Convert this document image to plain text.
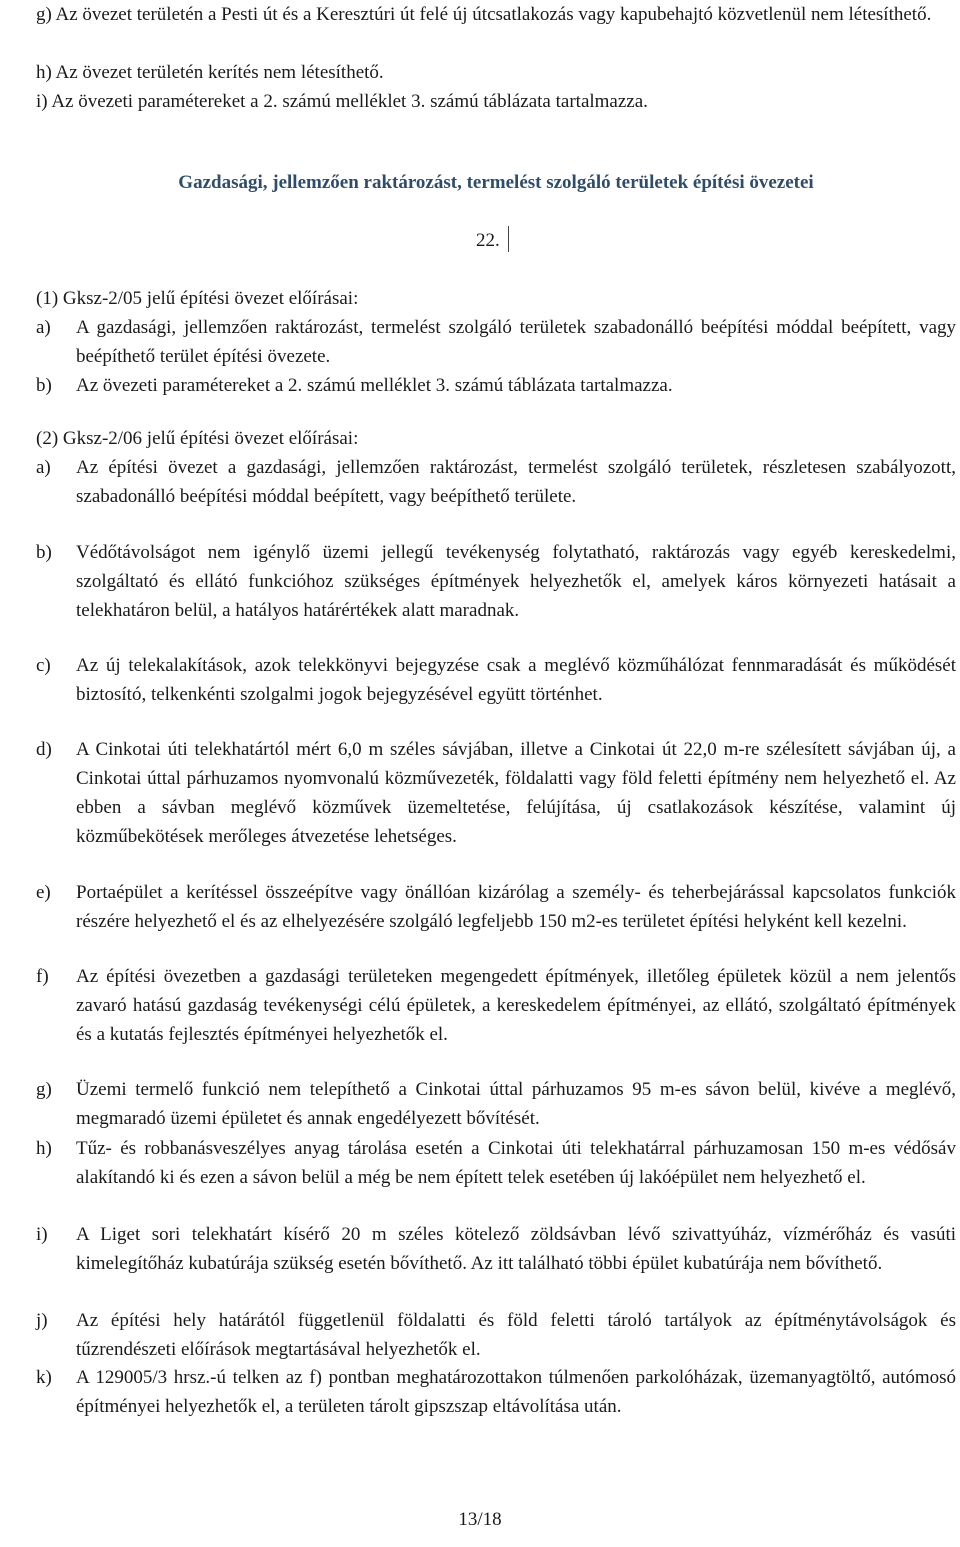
g) Az övezet területén a Pesti út és a Keresztúri út felé új útcsatlakozás vagy kapubehajtó közvetlenül nem létesíthető.
h) Az övezet területén kerítés nem létesíthető.
i) Az övezeti paramétereket a 2. számú melléklet 3. számú táblázata tartalmazza.
Gazdasági, jellemzően raktározást, termelést szolgáló területek építési övezetei
22.
(1) Gksz-2/05 jelű építési övezet előírásai:
a) A gazdasági, jellemzően raktározást, termelést szolgáló területek szabadonálló beépítési móddal beépített, vagy beépíthető terület építési övezete.
b) Az övezeti paramétereket a 2. számú melléklet 3. számú táblázata tartalmazza.
(2) Gksz-2/06 jelű építési övezet előírásai:
a) Az építési övezet a gazdasági, jellemzően raktározást, termelést szolgáló területek, részletesen szabályozott, szabadonálló beépítési móddal beépített, vagy beépíthető területe.
b) Védőtávolságot nem igénylő üzemi jellegű tevékenység folytatható, raktározás vagy egyéb kereskedelmi, szolgáltató és ellátó funkcióhoz szükséges építmények helyezhetők el, amelyek káros környezeti hatásait a telekhatáron belül, a hatályos határértékek alatt maradnak.
c) Az új telekalakítások, azok telekkönyvi bejegyzése csak a meglévő közműhálózat fennmaradását és működését biztosító, telkenkénti szolgalmi jogok bejegyzésével együtt történhet.
d) A Cinkotai úti telekhatártól mért 6,0 m széles sávjában, illetve a Cinkotai út 22,0 m-re szélesített sávjában új, a Cinkotai úttal párhuzamos nyomvonalú közművezeték, földalatti vagy föld feletti építmény nem helyezhető el. Az ebben a sávban meglévő közművek üzemeltetése, felújítása, új csatlakozások készítése, valamint új közműbekötések merőleges átvezetése lehetséges.
e) Portaépület a kerítéssel összeépítve vagy önállóan kizárólag a személy- és teherbejárással kapcsolatos funkciók részére helyezhető el és az elhelyezésére szolgáló legfeljebb 150 m2-es területet építési helyként kell kezelni.
f) Az építési övezetben a gazdasági területeken megengedett építmények, illetőleg épületek közül a nem jelentős zavaró hatású gazdaság tevékenységi célú épületek, a kereskedelem építményei, az ellátó, szolgáltató építmények és a kutatás fejlesztés építményei helyezhetők el.
g) Üzemi termelő funkció nem telepíthető a Cinkotai úttal párhuzamos 95 m-es sávon belül, kivéve a meglévő, megmaradó üzemi épületet és annak engedélyezett bővítését.
h) Tűz- és robbanásveszélyes anyag tárolása esetén a Cinkotai úti telekhatárral párhuzamosan 150 m-es védősáv alakítandó ki és ezen a sávon belül a még be nem épített telek esetében új lakóépület nem helyezhető el.
i) A Liget sori telekhatárt kísérő 20 m széles kötelező zöldsávban lévő szivattyúház, vízmérőház és vasúti kimelegítőház kubatúrája szükség esetén bővíthető. Az itt található többi épület kubatúrája nem bővíthető.
j) Az építési hely határától függetlenül földalatti és föld feletti tároló tartályok az építménytávolságok és tűzrendészeti előírások megtartásával helyezhetők el.
k) A 129005/3 hrsz.-ú telken az f) pontban meghatározottakon túlmenően parkolóházak, üzemanyagtöltő, autómosó építményei helyezhetők el, a területen tárolt gipszszap eltávolítása után.
13/18
